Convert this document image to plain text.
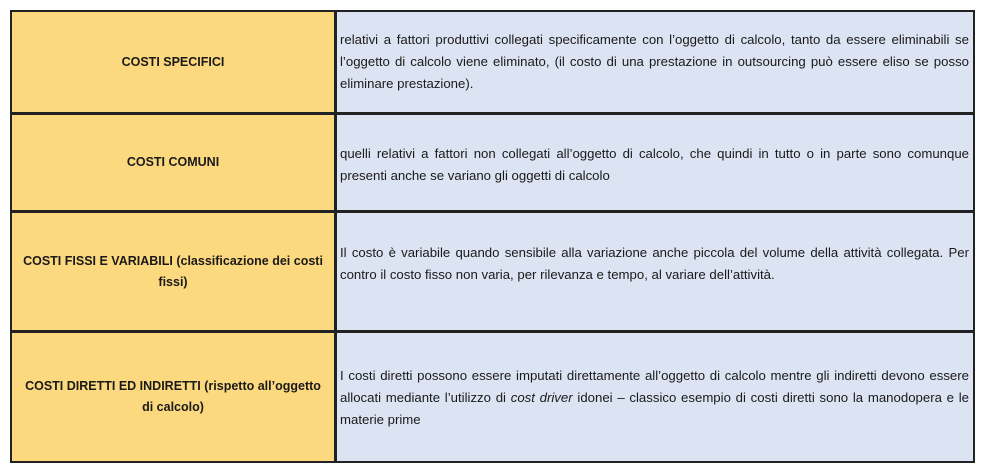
COSTI SPECIFICI
relativi a fattori produttivi collegati specificamente con l’oggetto di calcolo, tanto da essere eliminabili se l’oggetto di calcolo viene eliminato, (il costo di una prestazione in outsourcing può essere eliso se posso eliminare prestazione).
COSTI COMUNI
quelli relativi a fattori non collegati all’oggetto di calcolo, che quindi in tutto o in parte sono comunque presenti anche se variano gli oggetti di calcolo
COSTI FISSI E VARIABILI (classificazione dei costi fissi)
Il costo è variabile quando sensibile alla variazione anche piccola del volume della attività collegata. Per contro il costo fisso non varia, per rilevanza e tempo, al variare dell’attività.
COSTI DIRETTI ED INDIRETTI (rispetto all’oggetto di calcolo)
I costi diretti possono essere imputati direttamente all’oggetto di calcolo mentre gli indiretti devono essere allocati mediante l’utilizzo di cost driver idonei – classico esempio di costi diretti sono la manodopera e le materie prime
